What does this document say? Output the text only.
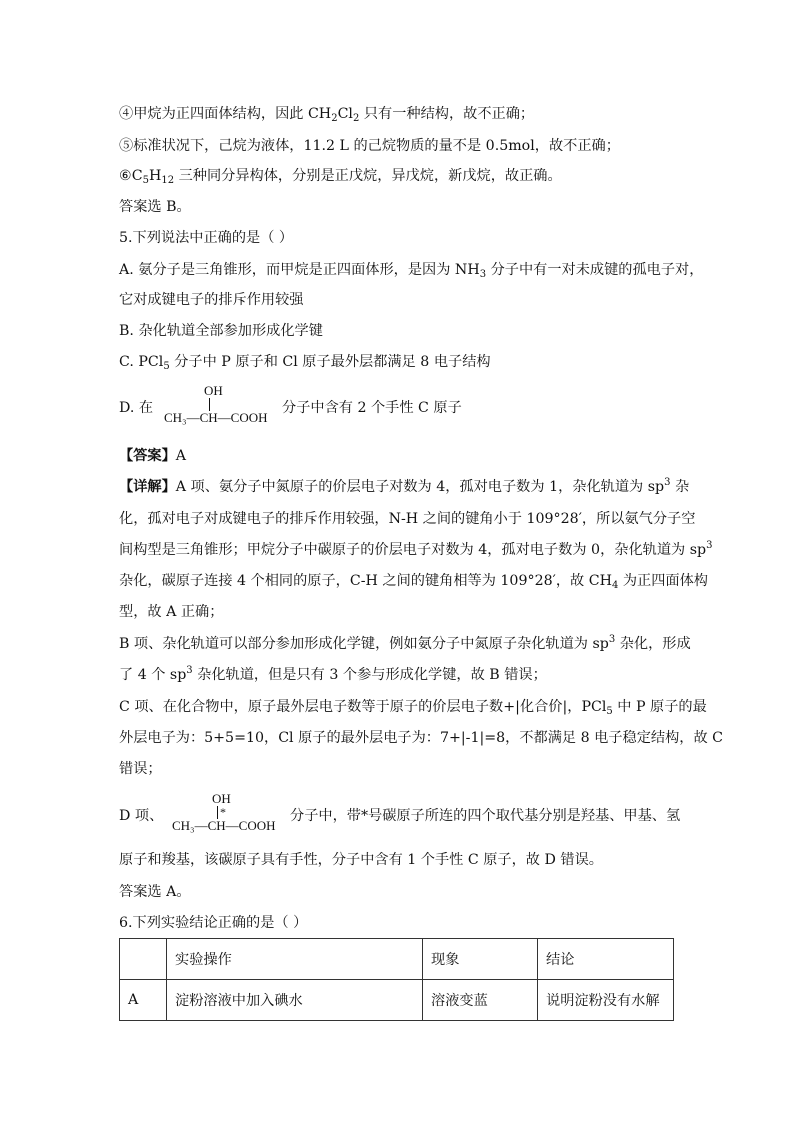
④甲烷为正四面体结构，因此 $CH_2Cl_2$ 只有一种结构，故不正确；
⑤标准状况下，己烷为液体，11.2 L 的己烷物质的量不是 0.5mol，故不正确；
$⑥C_5H_{12}$ 三种同分异构体，分别是正戊烷，异戊烷，新戊烷，故正确。
答案选 B。
5.下列说法中正确的是（ ）
A. 氨分子是三角锥形，而甲烷是正四面体形，是因为 $NH_3$ 分子中有一对未成键的孤电子对，
它对成键电子的排斥作用较强
B. 杂化轨道全部参加形成化学键
C. PCl$_5$ 分子中 P 原子和 Cl 原子最外层都满足 8 电子结构
D. 在
OH
CH₃—CH—COOH
分子中含有 2 个手性 C 原子
【答案】A
【详解】A 项、氨分子中氮原子的价层电子对数为 4，孤对电子数为 1，杂化轨道为 $sp^3$ 杂
化，孤对电子对成键电子的排斥作用较强，N-H 之间的键角小于 109°28′，所以氨气分子空
间构型是三角锥形；甲烷分子中碳原子的价层电子对数为 4，孤对电子数为 0，杂化轨道为 $sp^3$
杂化，碳原子连接 4 个相同的原子，C-H 之间的键角相等为 109°28′，故 $CH_4$ 为正四面体构
型，故 A 正确；
B 项、杂化轨道可以部分参加形成化学键，例如氨分子中氮原子杂化轨道为 $sp^3$ 杂化，形成
了 4 个 $sp^3$ 杂化轨道，但是只有 3 个参与形成化学键，故 B 错误；
C 项、在化合物中，原子最外层电子数等于原子的价层电子数+|化合价|，PCl$_5$ 中 P 原子的最
外层电子为：5+5=10，Cl 原子的最外层电子为：7+|-1|=8，不都满足 8 电子稳定结构，故 C
错误；
D 项、
OH
*
CH₃—CH—COOH
分子中，带*号碳原子所连的四个取代基分别是羟基、甲基、氢
原子和羧基，该碳原子具有手性，分子中含有 1 个手性 C 原子，故 D 错误。
答案选 A。
6.下列实验结论正确的是（ ）
	实验操作	现象	结论
A	淀粉溶液中加入碘水	溶液变蓝	说明淀粉没有水解
